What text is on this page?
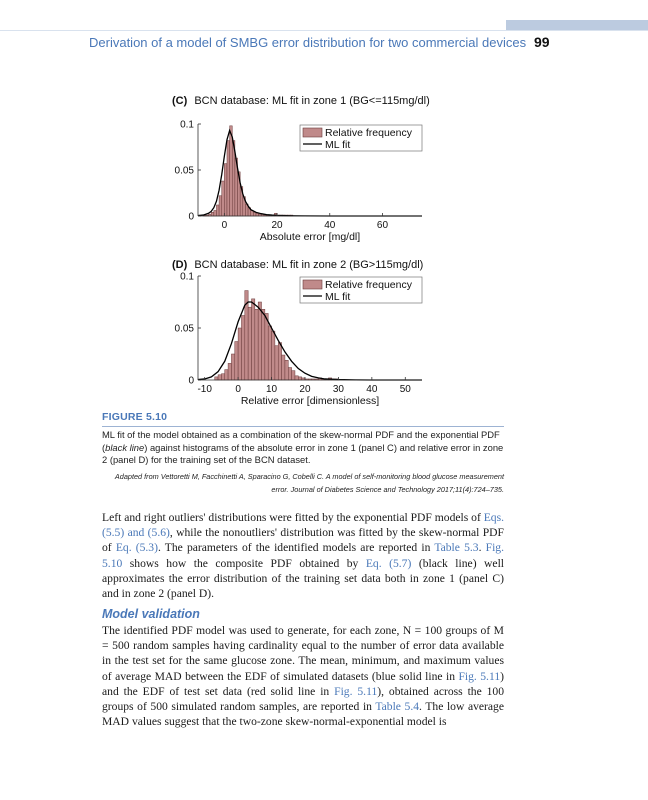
Derivation of a model of SMBG error distribution for two commercial devices 99
(C) BCN database: ML fit in zone 1 (BG<=115mg/dl)
0
0.05
0.1
0	20	40	60
Absolute error [mg/dl]
Relative frequency
ML fit
(D) BCN database: ML fit in zone 2 (BG>115mg/dl)
0
0.05
0.1
-10 0	10 20 30 40 50
Relative error [dimensionless]
Relative frequency
ML fit
FIGURE 5.10
ML fit of the model obtained as a combination of the skew-normal PDF and the exponential PDF (black line) against histograms of the absolute error in zone 1 (panel C) and relative error in zone 2 (panel D) for the training set of the BCN dataset.
Adapted from Vettoretti M, Facchinetti A, Sparacino G, Cobelli C. A model of self-monitoring blood glucose measurement error. Journal of Diabetes Science and Technology 2017;11(4):724–735.
Left and right outliers' distributions were fitted by the exponential PDF models of Eqs. (5.5) and (5.6), while the nonoutliers' distribution was fitted by the skew-normal PDF of Eq. (5.3). The parameters of the identified models are reported in Table 5.3. Fig. 5.10 shows how the composite PDF obtained by Eq. (5.7) (black line) well approximates the error distribution of the training set data both in zone 1 (panel C) and in zone 2 (panel D).
Model validation
The identified PDF model was used to generate, for each zone, N = 100 groups of M = 500 random samples having cardinality equal to the number of error data available in the test set for the same glucose zone. The mean, minimum, and maximum values of average MAD between the EDF of simulated datasets (blue solid line in Fig. 5.11) and the EDF of test set data (red solid line in Fig. 5.11), obtained across the 100 groups of 500 simulated random samples, are reported in Table 5.4. The low average MAD values suggest that the two-zone skew-normal-exponential model is
